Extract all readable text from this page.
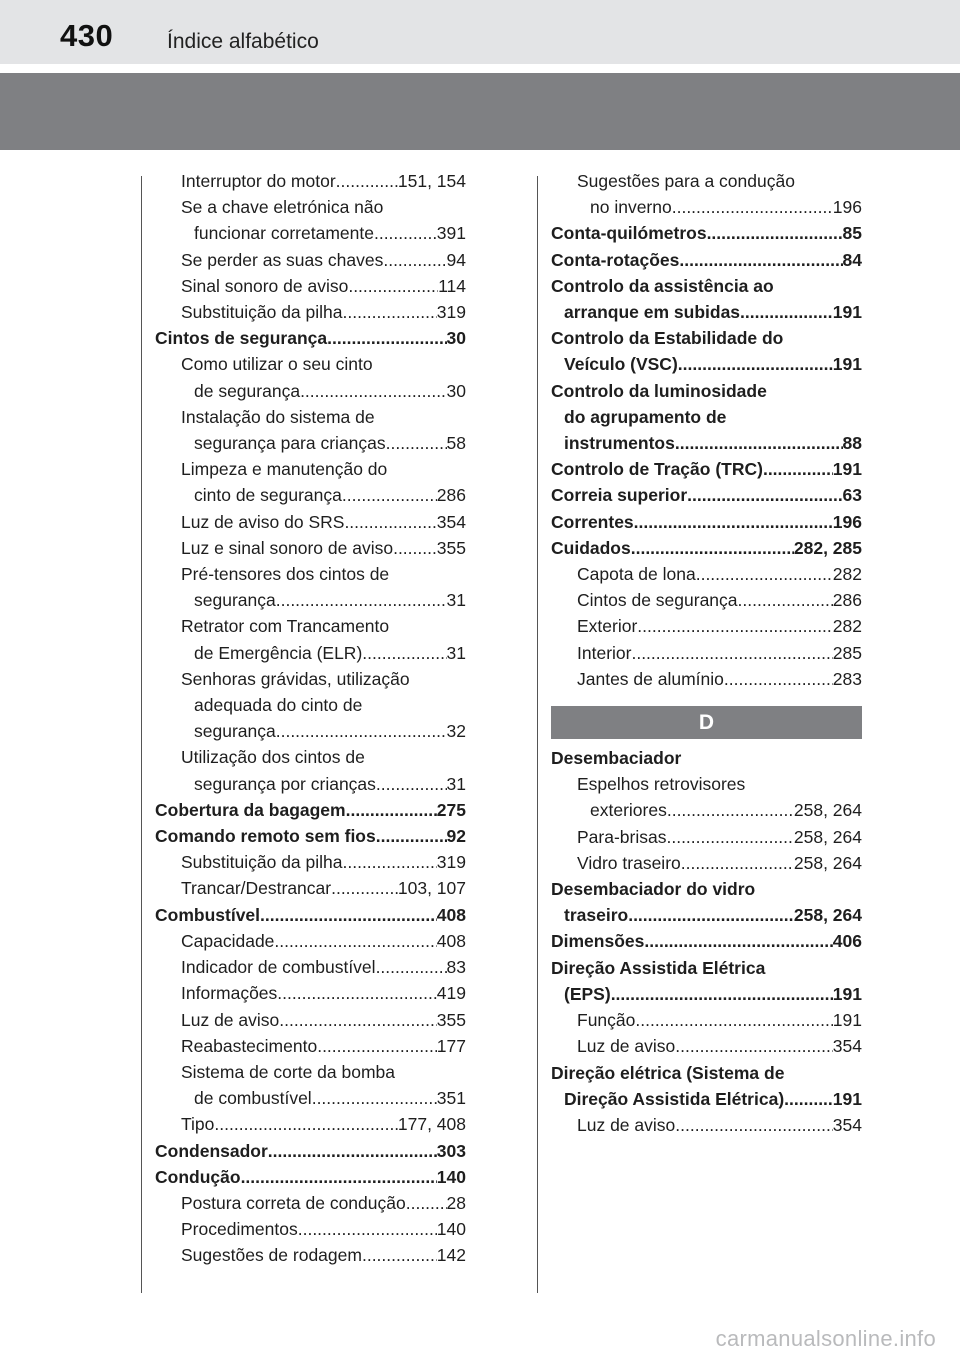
430	Índice alfabético
Interruptor do motor .....	151, 154
Se a chave eletrónica não
funcionar corretamente .....	391
Se perder as suas chaves .....	94
Sinal sonoro de aviso .....	114
Substituição da pilha .....	319
Cintos de segurança .....	30
Como utilizar o seu cinto
de segurança .....	30
Instalação do sistema de
segurança para crianças .....	58
Limpeza e manutenção do
cinto de segurança .....	286
Luz de aviso do SRS .....	354
Luz e sinal sonoro de aviso ..... 355
Pré-tensores dos cintos de
segurança .....	31
Retrator com Trancamento
de Emergência (ELR) .....	31
Senhoras grávidas, utilização
adequada do cinto de
segurança .....	32
Utilização dos cintos de
segurança por crianças .....	31
Cobertura da bagagem .....	275
Comando remoto sem fios .....	92
Substituição da pilha .....	319
Trancar/Destrancar .....	103, 107
Combustível .....	408
Capacidade .....	408
Indicador de combustível .....	83
Informações .....	419
Luz de aviso .....	355
Reabastecimento .....	177
Sistema de corte da bomba
de combustível .....	351
Tipo .....	177, 408
Condensador .....	303
Condução .....	140
Postura correta de condução ..... 28
Procedimentos .....	140
Sugestões de rodagem .....	142
Sugestões para a condução
no inverno .....	196
Conta-quilómetros .....	85
Conta-rotações .....	84
Controlo da assistência ao
arranque em subidas .....	191
Controlo da Estabilidade do
Veículo (VSC) .....	191
Controlo da luminosidade
do agrupamento de
instrumentos .....	88
Controlo de Tração (TRC) .....	191
Correia superior .....	63
Correntes .....	196
Cuidados .....	282, 285
Capota de lona .....	282
Cintos de segurança .....	286
Exterior .....	282
Interior .....	285
Jantes de alumínio .....	283
D
Desembaciador
Espelhos retrovisores
exteriores .....	258, 264
Para-brisas .....	258, 264
Vidro traseiro .....	258, 264
Desembaciador do vidro
traseiro .....	258, 264
Dimensões .....	406
Direção Assistida Elétrica
(EPS) .....	191
Função .....	191
Luz de aviso .....	354
Direção elétrica (Sistema de
Direção Assistida Elétrica) .....	191
Luz de aviso .....	354
carmanualsonline.info
